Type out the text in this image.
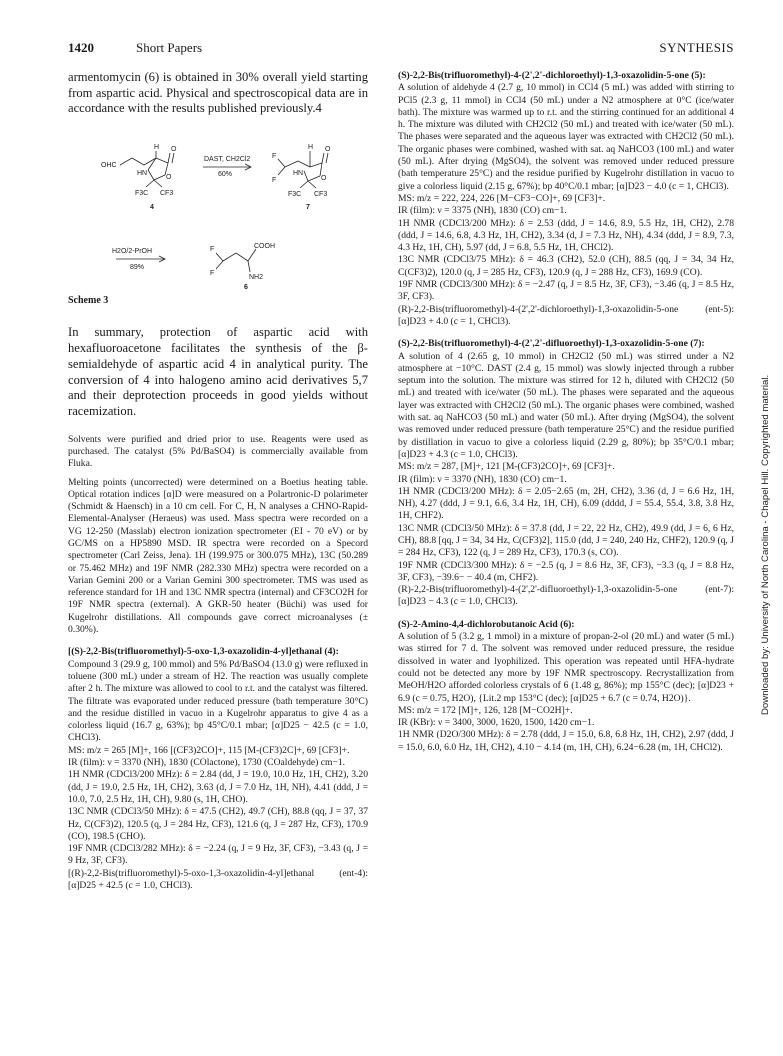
1420	Short Papers	SYNTHESIS

armentomycin (6) is obtained in 30% overall yield starting from aspartic acid. Physical and spectroscopical data are in accordance with the results published previously.4

OHC
H O
HN
O
F3C CF3
4
DAST, CH2Cl2
60%
F
F
H O
HN
O
F3C CF3
7
H2O/2-PrOH
89%
F
F
COOH
NH2
6

Scheme 3

In summary, protection of aspartic acid with hexafluoroacetone facilitates the synthesis of the β-semialdehyde of aspartic acid 4 in analytical purity. The conversion of 4 into halogeno amino acid derivatives 5,7 and their deprotection proceeds in good yields without racemization.

Solvents were purified and dried prior to use. Reagents were used as purchased. The catalyst (5% Pd/BaSO4) is commercially available from Fluka.

Melting points (uncorrected) were determined on a Boetius heating table. Optical rotation indices [α]D were measured on a Polartronic-D polarimeter (Schmidt & Haensch) in a 10 cm cell. For C, H, N analyses a CHNO-Rapid-Elemental-Analyser (Heraeus) was used. Mass spectra were recorded on a VG 12-250 (Masslab) electron ionization spectrometer (EI - 70 eV) or by GC/MS on a HP5890 MSD. IR spectra were recorded on a Specord spectrometer (Carl Zeiss, Jena). 1H (199.975 or 300.075 MHz), 13C (50.289 or 75.462 MHz) and 19F NMR (282.330 MHz) spectra were recorded on a Varian Gemini 200 or a Varian Gemini 300 spectrometer. TMS was used as reference standard for 1H and 13C NMR spectra (internal) and CF3CO2H for 19F NMR spectra (external). A GKR-50 heater (Büchi) was used for Kugelrohr distillations. All compounds gave correct microanalyses (± 0.30%).

[(S)-2,2-Bis(trifluoromethyl)-5-oxo-1,3-oxazolidin-4-yl]ethanal (4):

Compound 3 (29.9 g, 100 mmol) and 5% Pd/BaSO4 (13.0 g) were refluxed in toluene (300 mL) under a stream of H2. The reaction was usually complete after 2 h. The mixture was allowed to cool to r.t. and the catalyst was filtered. The filtrate was evaporated under reduced pressure (bath temperature 30°C) and the residue distilled in vacuo in a Kugelrohr apparatus to give 4 as a colorless liquid (16.7 g, 63%); bp 45°C/0.1 mbar; [α]D25 − 42.5 (c = 1.0, CHCl3).

MS: m/z = 265 [M]+, 166 [(CF3)2CO]+, 115 [M-(CF3)2C]+, 69 [CF3]+.

IR (film): ν = 3370 (NH), 1830 (COlactone), 1730 (COaldehyde) cm−1.

1H NMR (CDCl3/200 MHz): δ = 2.84 (dd, J = 19.0, 10.0 Hz, 1H, CH2), 3.20 (dd, J = 19.0, 2.5 Hz, 1H, CH2), 3.63 (d, J = 7.0 Hz, 1H, NH), 4.41 (ddd, J = 10.0, 7.0, 2.5 Hz, 1H, CH), 9.80 (s, 1H, CHO).

13C NMR (CDCl3/50 MHz): δ = 47.5 (CH2), 49.7 (CH), 88.8 (qq, J = 37, 37 Hz, C(CF3)2), 120.5 (q, J = 284 Hz, CF3), 121.6 (q, J = 287 Hz, CF3), 170.9 (CO), 198.5 (CHO).

19F NMR (CDCl3/282 MHz): δ = −2.24 (q, J = 9 Hz, 3F, CF3), −3.43 (q, J = 9 Hz, 3F, CF3).

[(R)-2,2-Bis(trifluoromethyl)-5-oxo-1,3-oxazolidin-4-yl]ethanal (ent-4): [α]D25 + 42.5 (c = 1.0, CHCl3).

(S)-2,2-Bis(trifluoromethyl)-4-(2',2'-dichloroethyl)-1,3-oxazolidin-5-one (5):

A solution of aldehyde 4 (2.7 g, 10 mmol) in CCl4 (5 mL) was added with stirring to PCl5 (2.3 g, 11 mmol) in CCl4 (50 mL) under a N2 atmosphere at 0°C (ice/water bath). The mixture was warmed up to r.t. and the stirring continued for an additional 4 h. The mixture was diluted with CH2Cl2 (50 mL) and treated with ice/water (50 mL). The phases were separated and the aqueous layer was extracted with CH2Cl2 (50 mL). The organic phases were combined, washed with sat. aq NaHCO3 (100 mL) and water (50 mL). After drying (MgSO4), the solvent was removed under reduced pressure (bath temperature 25°C) and the residue purified by Kugelrohr distillation in vacuo to give a colorless liquid (2.15 g, 67%); bp 40°C/0.1 mbar; [α]D23 − 4.0 (c = 1, CHCl3).

MS: m/z = 222, 224, 226 [M−CF3−CO]+, 69 [CF3]+.

IR (film): ν = 3375 (NH), 1830 (CO) cm−1.

1H NMR (CDCl3/200 MHz): δ = 2.53 (ddd, J = 14.6, 8.9, 5.5 Hz, 1H, CH2), 2.78 (ddd, J = 14.6, 6.8, 4.3 Hz, 1H, CH2), 3.34 (d, J = 7.3 Hz, NH), 4.34 (ddd, J = 8.9, 7.3, 4.3 Hz, 1H, CH), 5.97 (dd, J = 6.8, 5.5 Hz, 1H, CHCl2).

13C NMR (CDCl3/75 MHz): δ = 46.3 (CH2), 52.0 (CH), 88.5 (qq, J = 34, 34 Hz, C(CF3)2), 120.0 (q, J = 285 Hz, CF3), 120.9 (q, J = 288 Hz, CF3), 169.9 (CO).

19F NMR (CDCl3/300 MHz): δ = −2.47 (q, J = 8.5 Hz, 3F, CF3), −3.46 (q, J = 8.5 Hz, 3F, CF3).

(R)-2,2-Bis(trifluoromethyl)-4-(2',2'-dichloroethyl)-1,3-oxazolidin-5-one (ent-5): [α]D23 + 4.0 (c = 1, CHCl3).

(S)-2,2-Bis(trifluoromethyl)-4-(2',2'-difluoroethyl)-1,3-oxazolidin-5-one (7):

A solution of 4 (2.65 g, 10 mmol) in CH2Cl2 (50 mL) was stirred under a N2 atmosphere at −10°C. DAST (2.4 g, 15 mmol) was slowly injected through a rubber septum into the solution. The mixture was stirred for 12 h, diluted with CH2Cl2 (50 mL) and treated with ice/water (50 mL). The phases were separated and the aqueous layer was extracted with CH2Cl2 (50 mL). The organic phases were combined, washed with sat. aq NaHCO3 (50 mL) and water (50 mL). After drying (MgSO4), the solvent was removed under reduced pressure (bath temperature 25°C) and the residue purified by distillation in vacuo to give a colorless liquid (2.29 g, 80%); bp 35°C/0.1 mbar; [α]D23 + 4.3 (c = 1.0, CHCl3).

MS: m/z = 287, [M]+, 121 [M-(CF3)2CO]+, 69 [CF3]+.

IR (film): ν = 3370 (NH), 1830 (CO) cm−1.

1H NMR (CDCl3/200 MHz): δ = 2.05−2.65 (m, 2H, CH2), 3.36 (d, J = 6.6 Hz, 1H, NH), 4.27 (ddd, J = 9.1, 6.6, 3.4 Hz, 1H, CH), 6.09 (dddd, J = 55.4, 55.4, 3.8, 3.8 Hz, 1H, CHF2).

13C NMR (CDCl3/50 MHz): δ = 37.8 (dd, J = 22, 22 Hz, CH2), 49.9 (dd, J = 6, 6 Hz, CH), 88.8 [qq, J = 34, 34 Hz, C(CF3)2], 115.0 (dd, J = 240, 240 Hz, CHF2), 120.9 (q, J = 284 Hz, CF3), 122 (q, J = 289 Hz, CF3), 170.3 (s, CO).

19F NMR (CDCl3/300 MHz): δ = −2.5 (q, J = 8.6 Hz, 3F, CF3), −3.3 (q, J = 8.8 Hz, 3F, CF3), −39.6− − 40.4 (m, CHF2).

(R)-2,2-Bis(trifluoromethyl)-4-(2',2'-difluoroethyl)-1,3-oxazolidin-5-one (ent-7): [α]D23 − 4.3 (c = 1.0, CHCl3).

(S)-2-Amino-4,4-dichlorobutanoic Acid (6):

A solution of 5 (3.2 g, 1 mmol) in a mixture of propan-2-ol (20 mL) and water (5 mL) was stirred for 7 d. The solvent was removed under reduced pressure, the residue dissolved in water and lyophilized. This operation was repeated until HFA-hydrate could not be detected any more by 19F NMR spectroscopy. Recrystallization from MeOH/H2O afforded colorless crystals of 6 (1.48 g, 86%); mp 155°C (dec); [α]D23 + 6.9 (c = 0.75, H2O), {Lit.2 mp 153°C (dec); [α]D25 + 6.7 (c = 0.74, H2O)}.

MS: m/z = 172 [M]+, 126, 128 [M−CO2H]+.

IR (KBr): ν = 3400, 3000, 1620, 1500, 1420 cm−1.

1H NMR (D2O/300 MHz): δ = 2.78 (ddd, J = 15.0, 6.8, 6.8 Hz, 1H, CH2), 2.97 (ddd, J = 15.0, 6.0, 6.0 Hz, 1H, CH2), 4.10 − 4.14 (m, 1H, CH), 6.24−6.28 (m, 1H, CHCl2).

Downloaded by: University of North Carolina - Chapel Hill. Copyrighted material.
